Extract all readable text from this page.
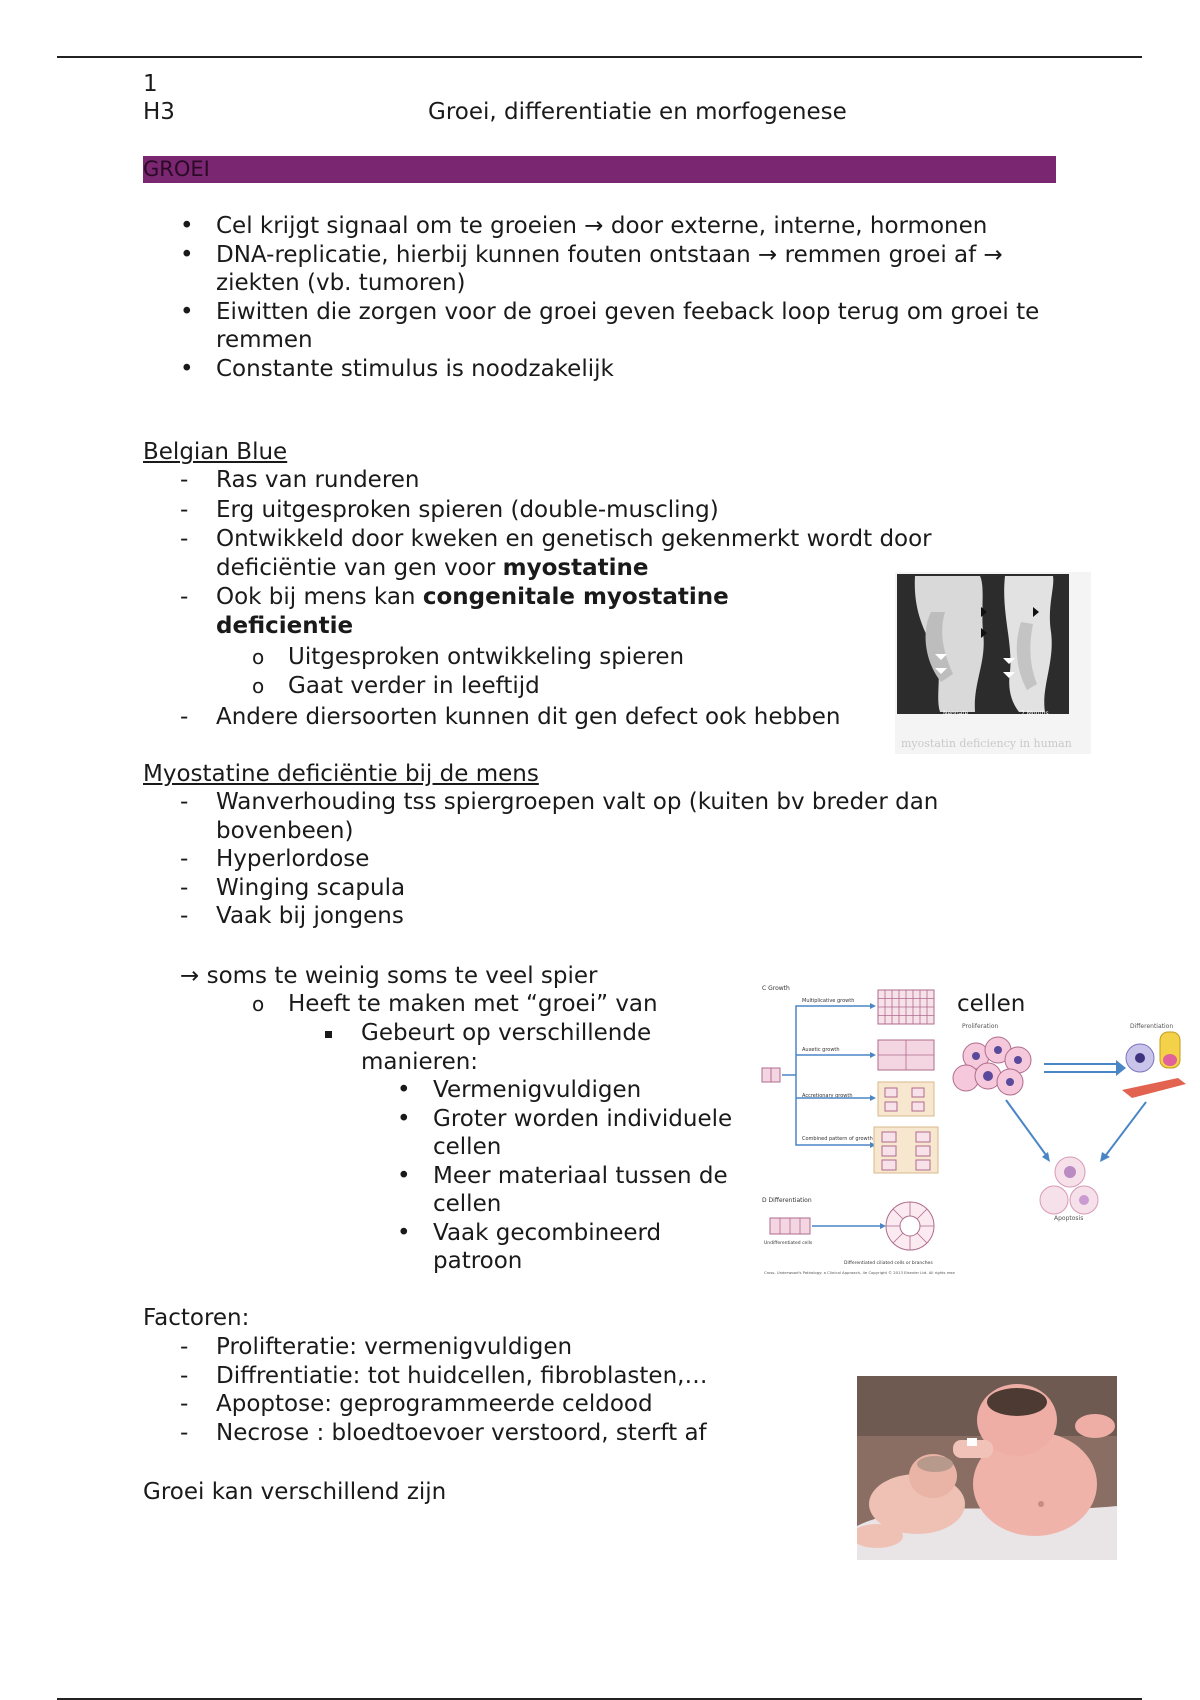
1
H3	Groei, differentiatie en morfogenese
GROEI
• Cel krijgt signaal om te groeien → door externe, interne, hormonen
• DNA-replicatie, hierbij kunnen fouten ontstaan → remmen groei af → ziekten (vb. tumoren)
• Eiwitten die zorgen voor de groei geven feeback loop terug om groei te remmen
• Constante stimulus is noodzakelijk
Belgian Blue
- Ras van runderen
- Erg uitgesproken spieren (double-muscling)
- Ontwikkeld door kweken en genetisch gekenmerkt wordt door deficiëntie van gen voor myostatine
- Ook bij mens kan congenitale myostatine deficientie
o Uitgesproken ontwikkeling spieren
o Gaat verder in leeftijd
- Andere diersoorten kunnen dit gen defect ook hebben	Neonate	7 Months
myostatin deficiency in human
Myostatine deficiëntie bij de mens
- Wanverhouding tss spiergroepen valt op (kuiten bv breder dan bovenbeen)
- Hyperlordose
- Winging scapula
- Vaak bij jongens
→ soms te weinig soms te veel spier
o Heeft te maken met “groei” van
Gebeurt op verschillende manieren:
• Vermenigvuldigen
• Groter worden individuele cellen
• Meer materiaal tussen de cellen
• Vaak gecombineerd patroon
cellen
C Growth
Multiplicative growth
Auxetic growth
Accretionary growth
Combined pattern of growth
D Differentiation
Undifferentiated cells
Differentiated ciliated cells or branches
Cross, Underwood's Pathology: a Clinical Approach, 4e Copyright © 2013 Elsevier Ltd. All rights reserved.
Proliferation	Differentiation
Apoptosis
Factoren:
- Prolifteratie: vermenigvuldigen
- Diffrentiatie: tot huidcellen, fibroblasten,…
- Apoptose: geprogrammeerde celdood
- Necrose : bloedtoevoer verstoord, sterft af
Groei kan verschillend zijn
